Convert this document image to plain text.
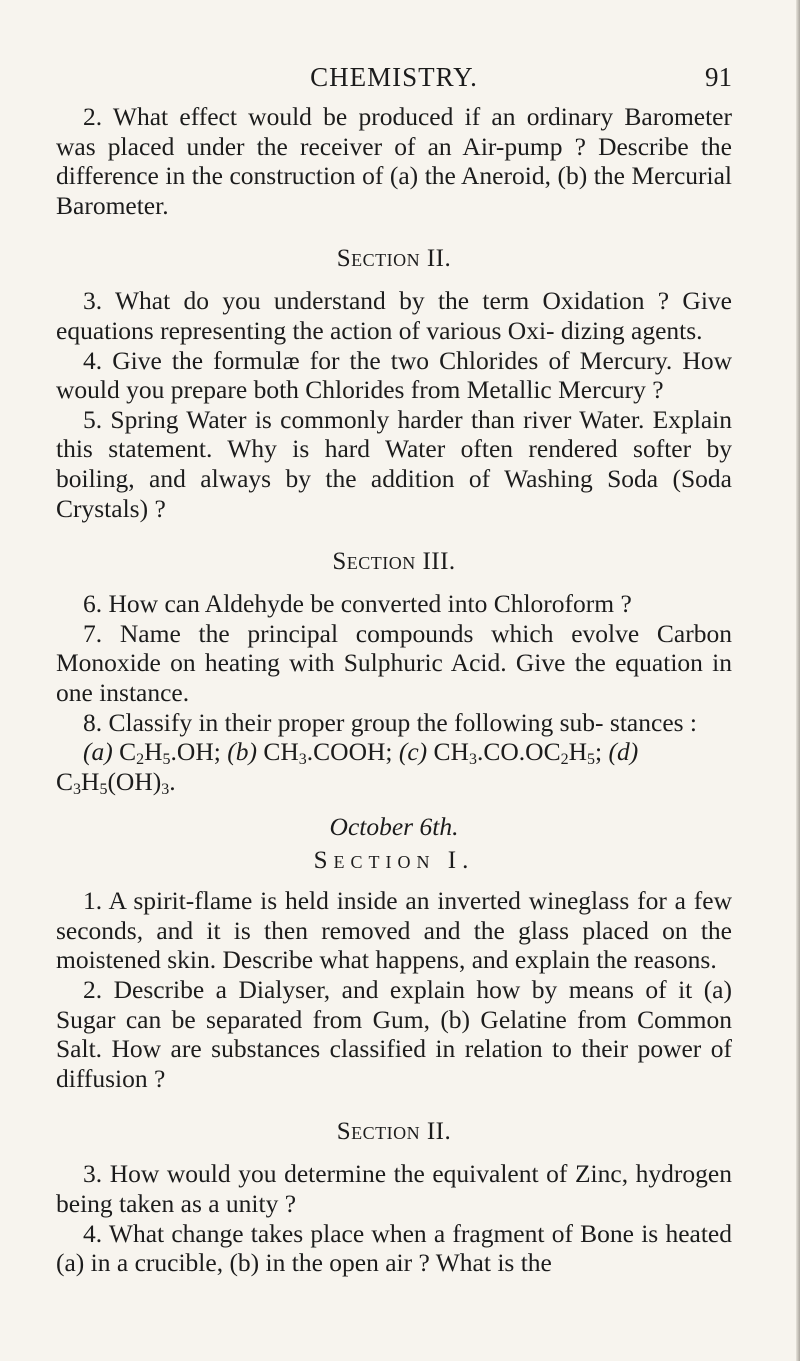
CHEMISTRY.	91

2. What effect would be produced if an ordinary Barometer was placed under the receiver of an Air-pump ? Describe the difference in the construction of (a) the Aneroid, (b) the Mercurial Barometer.

Section II.

3. What do you understand by the term Oxidation ? Give equations representing the action of various Oxi- dizing agents.

4. Give the formulæ for the two Chlorides of Mercury. How would you prepare both Chlorides from Metallic Mercury ?

5. Spring Water is commonly harder than river Water. Explain this statement. Why is hard Water often rendered softer by boiling, and always by the addition of Washing Soda (Soda Crystals) ?

Section III.

6. How can Aldehyde be converted into Chloroform ?

7. Name the principal compounds which evolve Carbon Monoxide on heating with Sulphuric Acid. Give the equation in one instance.

8. Classify in their proper group the following sub- stances :

(a) $C_2H_5.OH$; (b) $CH_3.COOH$; (c) $CH_3.CO.OC_2H_5$; (d) $C_3H_5(OH)_3$.

October 6th.
Section I.

1. A spirit-flame is held inside an inverted wineglass for a few seconds, and it is then removed and the glass placed on the moistened skin. Describe what happens, and explain the reasons.

2. Describe a Dialyser, and explain how by means of it (a) Sugar can be separated from Gum, (b) Gelatine from Common Salt. How are substances classified in relation to their power of diffusion ?

Section II.

3. How would you determine the equivalent of Zinc, hydrogen being taken as a unity ?

4. What change takes place when a fragment of Bone is heated (a) in a crucible, (b) in the open air ? What is the
